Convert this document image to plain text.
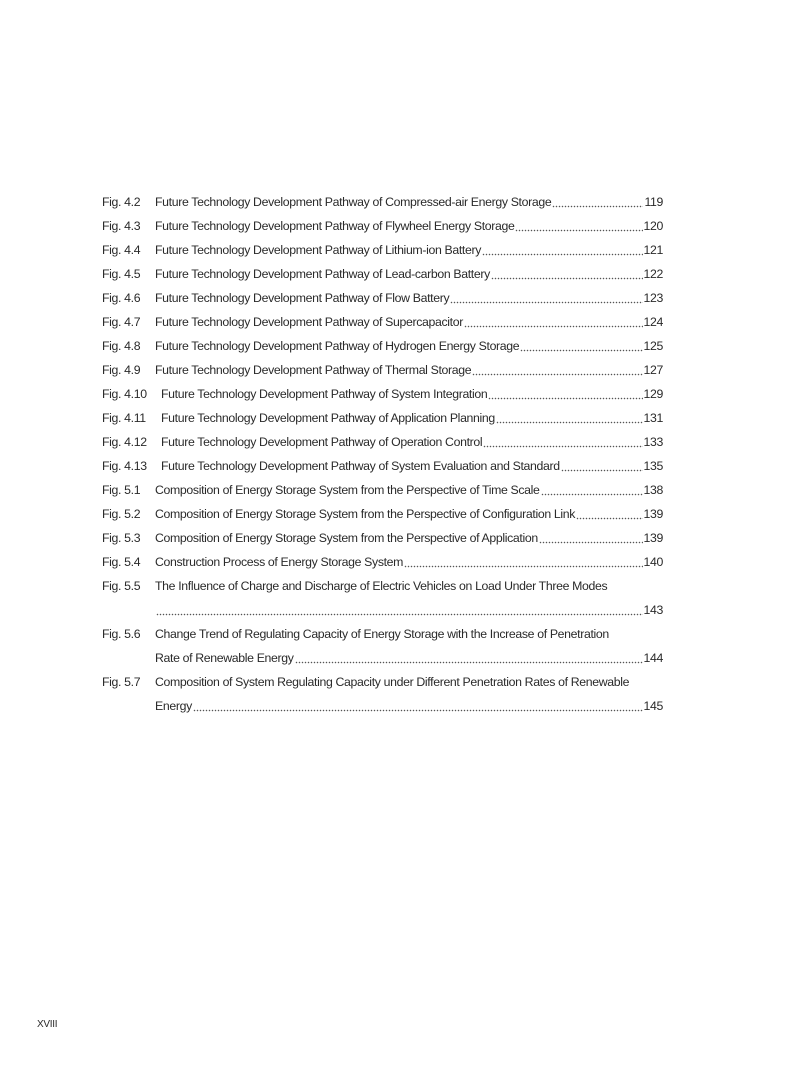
Fig. 4.2	Future Technology Development Pathway of Compressed-air Energy Storage	119
Fig. 4.3	Future Technology Development Pathway of Flywheel Energy Storage	120
Fig. 4.4	Future Technology Development Pathway of Lithium-ion Battery	121
Fig. 4.5	Future Technology Development Pathway of Lead-carbon Battery	122
Fig. 4.6	Future Technology Development Pathway of Flow Battery	123
Fig. 4.7	Future Technology Development Pathway of Supercapacitor	124
Fig. 4.8	Future Technology Development Pathway of Hydrogen Energy Storage	125
Fig. 4.9	Future Technology Development Pathway of Thermal Storage	127
Fig. 4.10	Future Technology Development Pathway of System Integration	129
Fig. 4.11	Future Technology Development Pathway of Application Planning	131
Fig. 4.12	Future Technology Development Pathway of Operation Control	133
Fig. 4.13	Future Technology Development Pathway of System Evaluation and Standard	135
Fig. 5.1	Composition of Energy Storage System from the Perspective of Time Scale	138
Fig. 5.2	Composition of Energy Storage System from the Perspective of Configuration Link	139
Fig. 5.3	Composition of Energy Storage System from the Perspective of Application	139
Fig. 5.4	Construction Process of Energy Storage System	140
Fig. 5.5	The Influence of Charge and Discharge of Electric Vehicles on Load Under Three Modes
143
Fig. 5.6	Change Trend of Regulating Capacity of Energy Storage with the Increase of Penetration
Rate of Renewable Energy	144
Fig. 5.7	Composition of System Regulating Capacity under Different Penetration Rates of Renewable
Energy	145
XVIII
